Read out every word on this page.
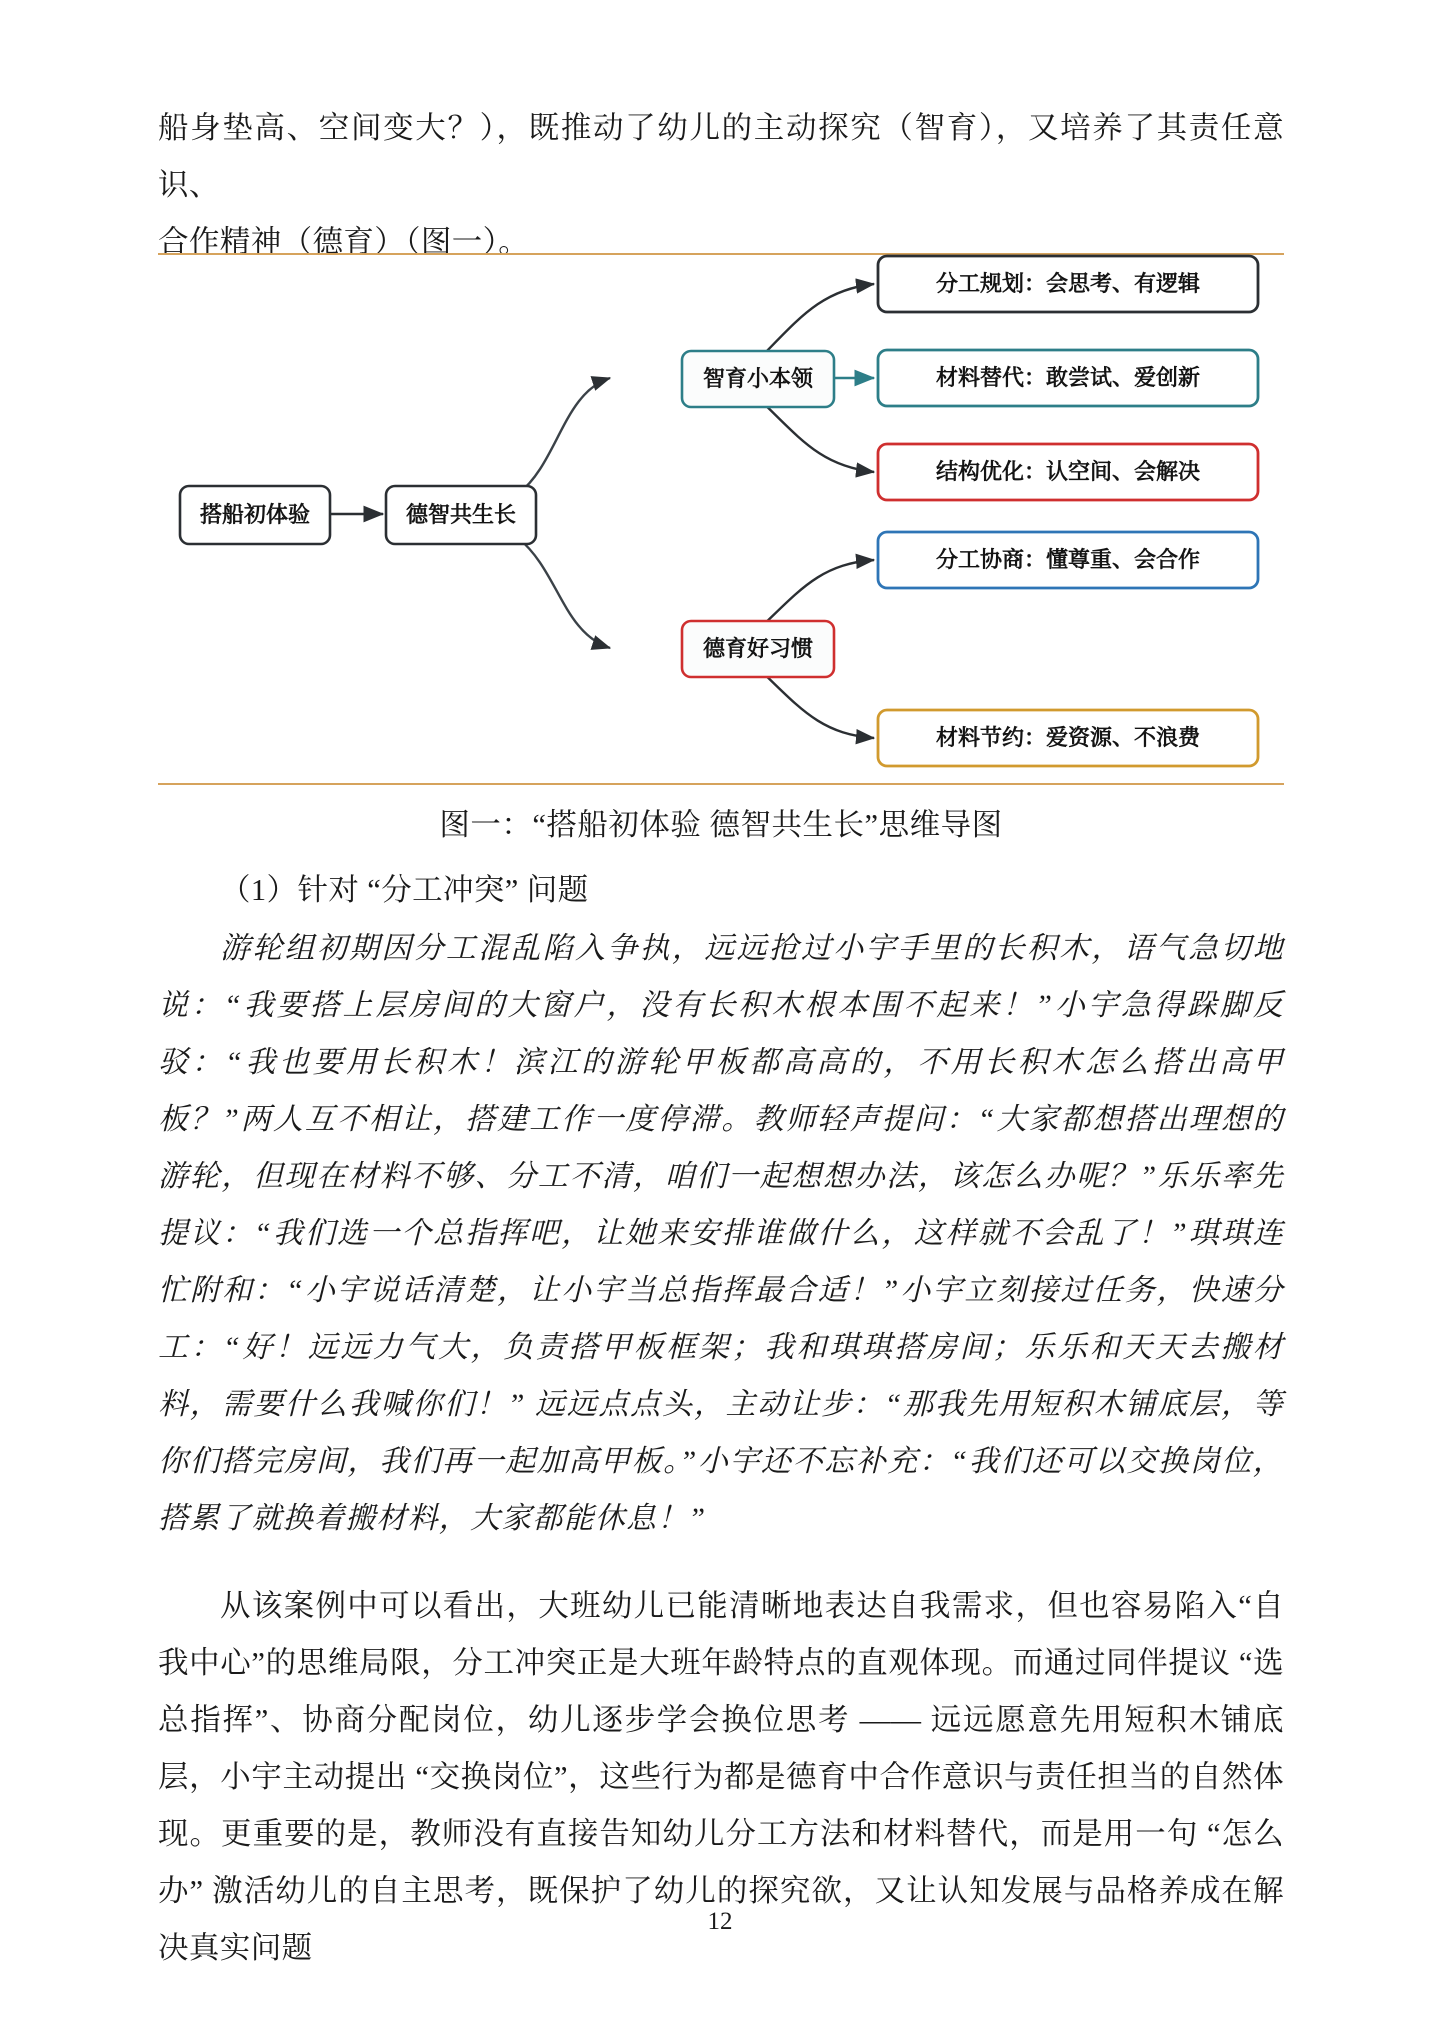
船身垫高、空间变大？），既推动了幼儿的主动探究（智育），又培养了其责任意识、

合作精神（德育）（图一）。

搭船初体验	德智共生长
智育小本领
德育好习惯
分工规划：会思考、有逻辑
材料替代：敢尝试、爱创新
结构优化：认空间、会解决
分工协商：懂尊重、会合作
材料节约：爱资源、不浪费
图一：“搭船初体验 德智共生长”思维导图

（1）针对 “分工冲突” 问题

游轮组初期因分工混乱陷入争执，远远抢过小宇手里的长积木，语气急切地说：“我要搭上层房间的大窗户，没有长积木根本围不起来！”小宇急得跺脚反驳：“我也要用长积木！滨江的游轮甲板都高高的，不用长积木怎么搭出高甲板？”两人互不相让，搭建工作一度停滞。教师轻声提问：“大家都想搭出理想的游轮，但现在材料不够、分工不清，咱们一起想想办法，该怎么办呢？”乐乐率先提议：“我们选一个总指挥吧，让她来安排谁做什么，这样就不会乱了！”琪琪连忙附和：“小宇说话清楚，让小宇当总指挥最合适！”小宇立刻接过任务，快速分工：“好！远远力气大，负责搭甲板框架；我和琪琪搭房间；乐乐和天天去搬材料，需要什么我喊你们！” 远远点点头，主动让步：“那我先用短积木铺底层，等你们搭完房间，我们再一起加高甲板。”小宇还不忘补充：“我们还可以交换岗位，搭累了就换着搬材料，大家都能休息！”

从该案例中可以看出，大班幼儿已能清晰地表达自我需求，但也容易陷入“自我中心”的思维局限，分工冲突正是大班年龄特点的直观体现。而通过同伴提议 “选总指挥”、协商分配岗位，幼儿逐步学会换位思考 —— 远远愿意先用短积木铺底层，小宇主动提出 “交换岗位”，这些行为都是德育中合作意识与责任担当的自然体现。更重要的是，教师没有直接告知幼儿分工方法和材料替代，而是用一句 “怎么办” 激活幼儿的自主思考，既保护了幼儿的探究欲，又让认知发展与品格养成在解决真实问题

12
